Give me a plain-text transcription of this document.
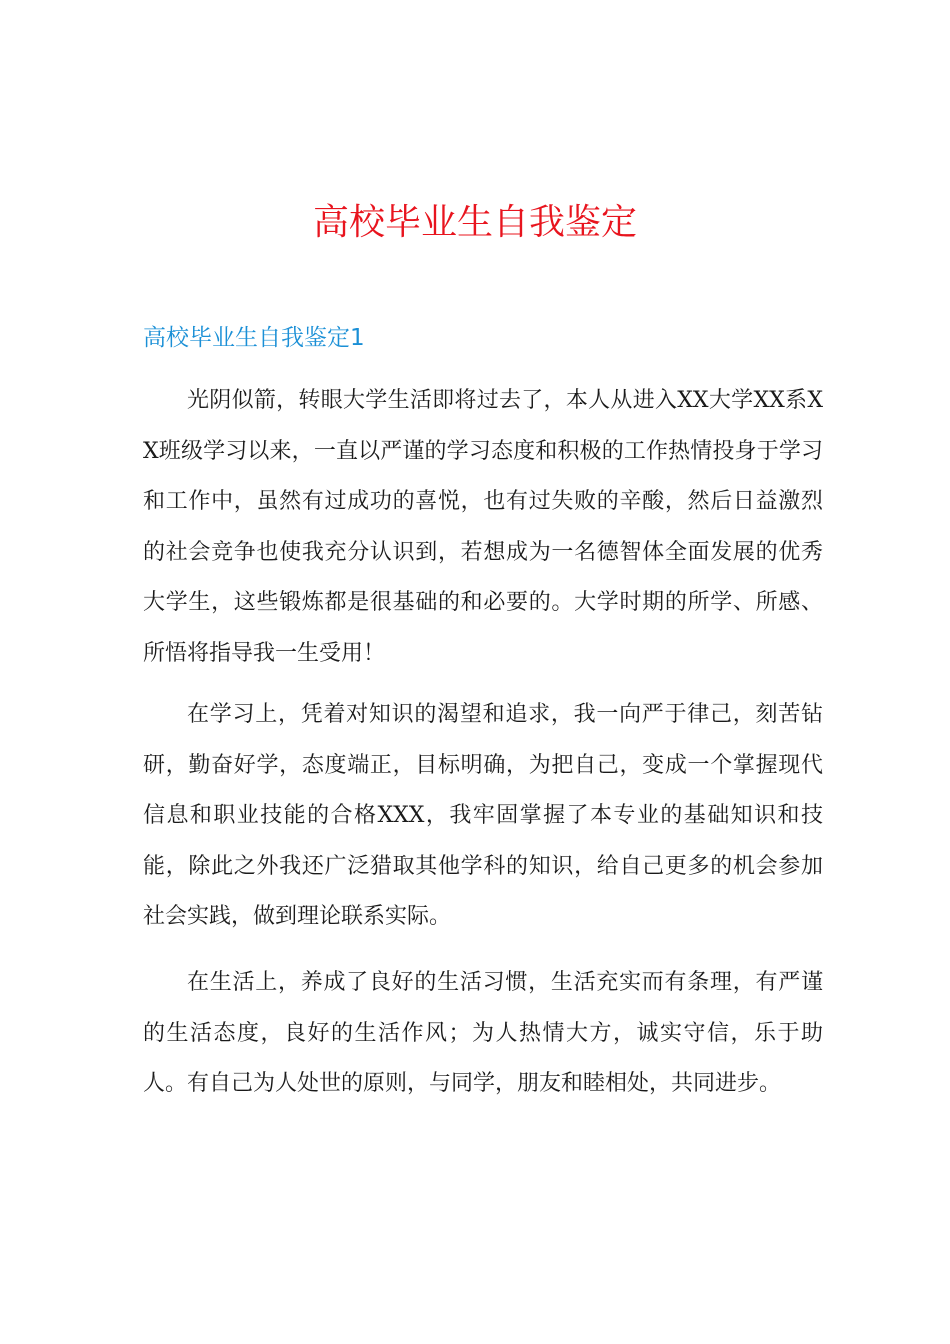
高校毕业生自我鉴定
高校毕业生自我鉴定1

光阴似箭，转眼大学生活即将过去了，本人从进入XX大学XX系XX班级学习以来，一直以严谨的学习态度和积极的工作热情投身于学习和工作中，虽然有过成功的喜悦，也有过失败的辛酸，然后日益激烈的社会竞争也使我充分认识到，若想成为一名德智体全面发展的优秀大学生，这些锻炼都是很基础的和必要的。大学时期的所学、所感、所悟将指导我一生受用！

在学习上，凭着对知识的渴望和追求，我一向严于律己，刻苦钻研，勤奋好学，态度端正，目标明确，为把自己，变成一个掌握现代信息和职业技能的合格XXX，我牢固掌握了本专业的基础知识和技能，除此之外我还广泛猎取其他学科的知识，给自己更多的机会参加社会实践，做到理论联系实际。

在生活上，养成了良好的生活习惯，生活充实而有条理，有严谨的生活态度，良好的生活作风；为人热情大方，诚实守信，乐于助人。有自己为人处世的原则，与同学，朋友和睦相处，共同进步。
